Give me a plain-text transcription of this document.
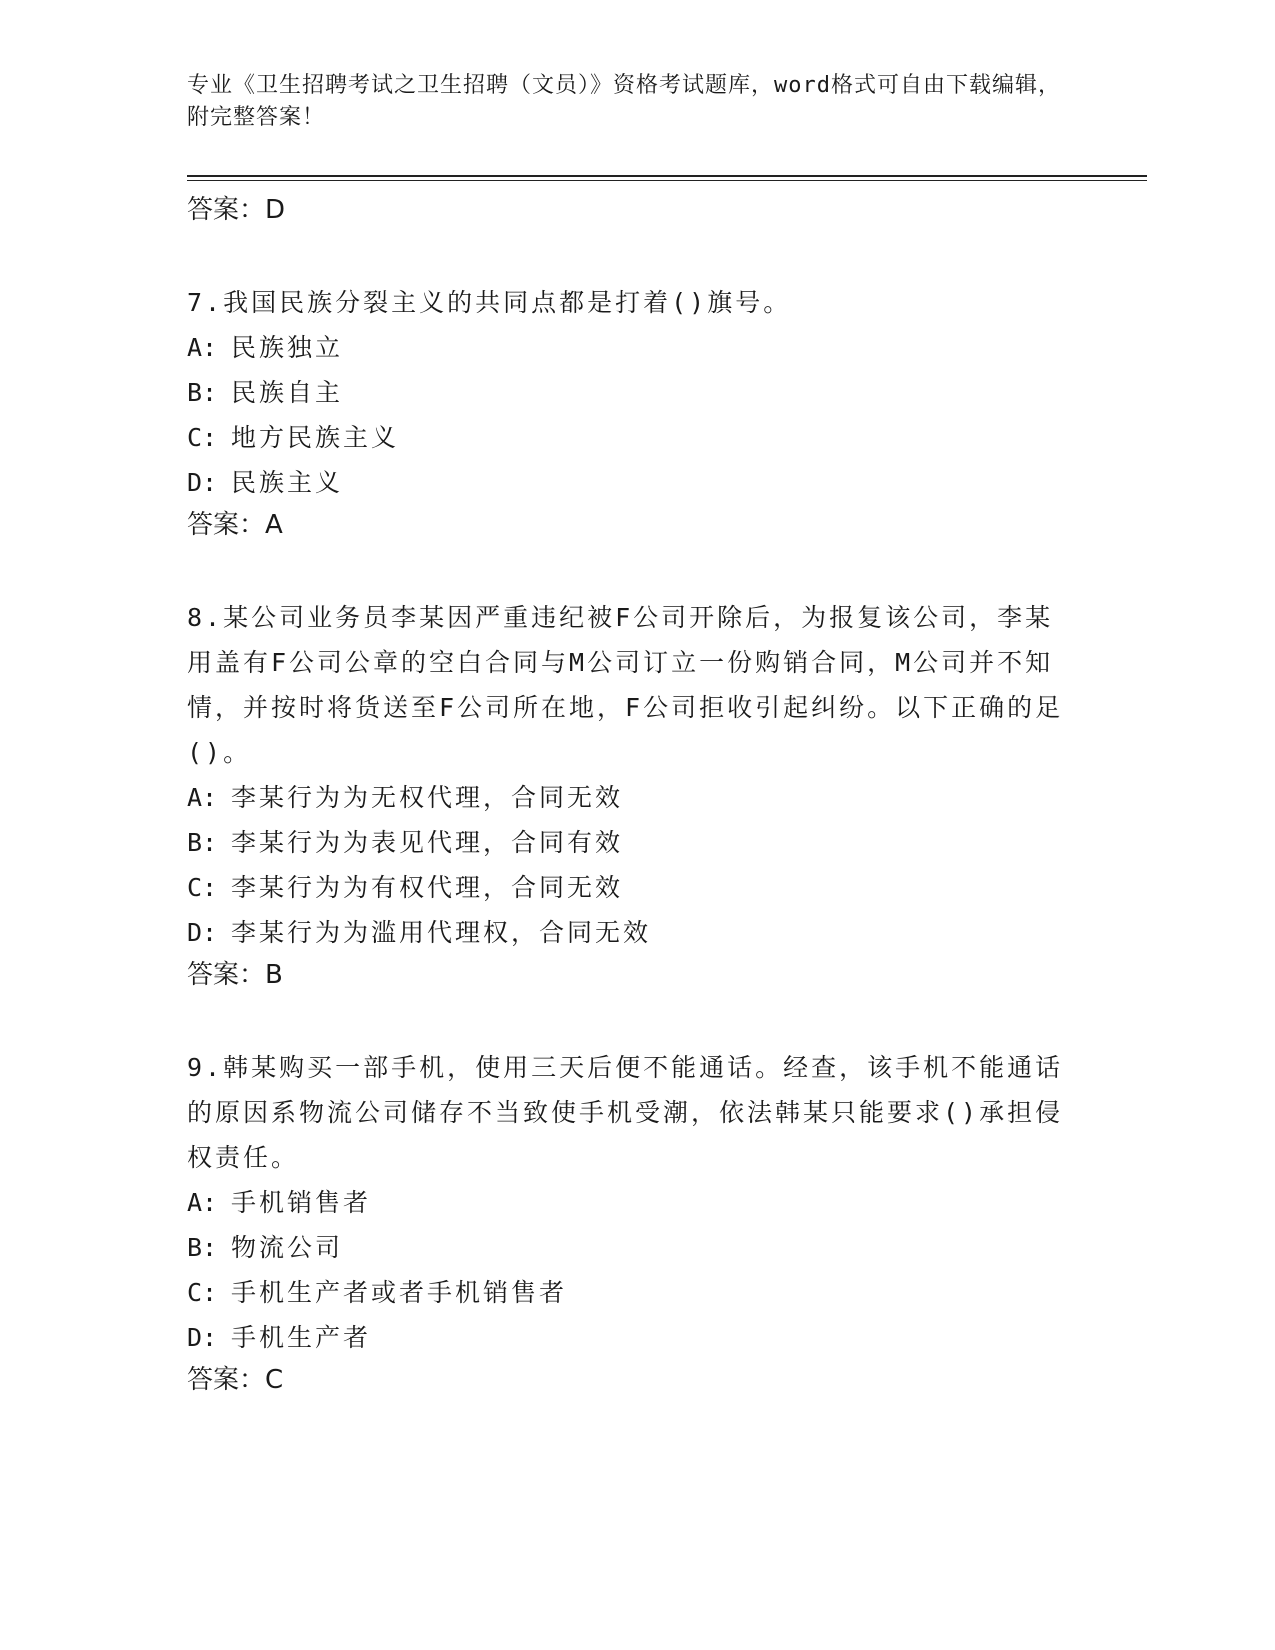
专业《卫生招聘考试之卫生招聘（文员）》资格考试题库，word格式可自由下载编辑，附完整答案！
答案：D
7.我国民族分裂主义的共同点都是打着()旗号。
A: 民族独立
B: 民族自主
C: 地方民族主义
D: 民族主义
答案：A
8.某公司业务员李某因严重违纪被F公司开除后，为报复该公司，李某用盖有F公司公章的空白合同与M公司订立一份购销合同，M公司并不知情，并按时将货送至F公司所在地，F公司拒收引起纠纷。以下正确的足()。
A: 李某行为为无权代理，合同无效
B: 李某行为为表见代理，合同有效
C: 李某行为为有权代理，合同无效
D: 李某行为为滥用代理权，合同无效
答案：B
9.韩某购买一部手机，使用三天后便不能通话。经查，该手机不能通话的原因系物流公司储存不当致使手机受潮，依法韩某只能要求()承担侵权责任。
A: 手机销售者
B: 物流公司
C: 手机生产者或者手机销售者
D: 手机生产者
答案：C
